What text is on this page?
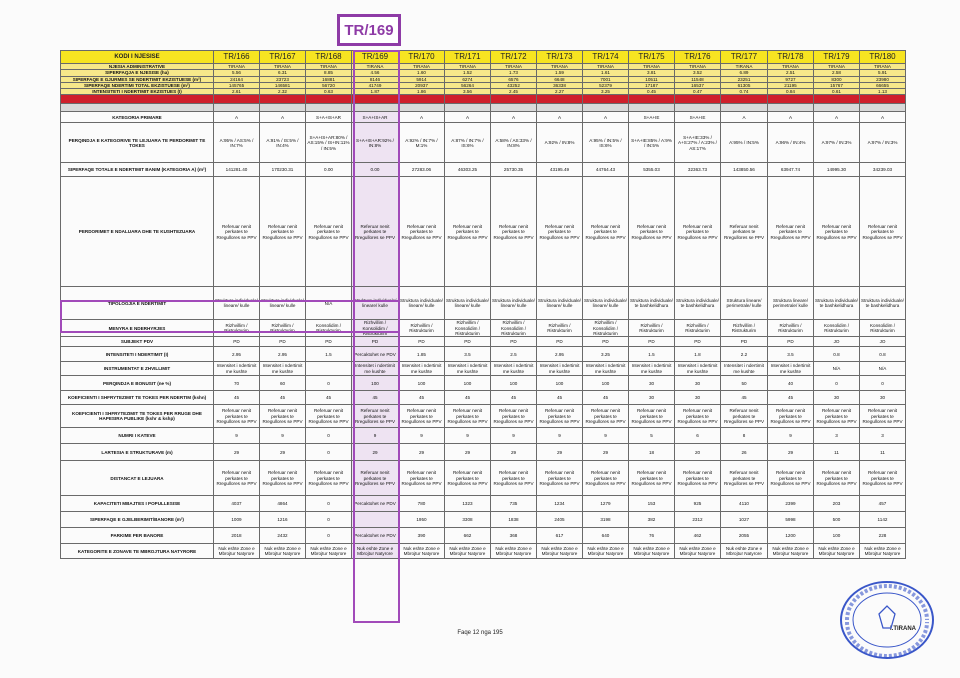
TR/169
KODI I NJESISE	TR/166	TR/167	TR/168	TR/169	TR/170	TR/171	TR/172	TR/173	TR/174	TR/175	TR/176	TR/177	TR/178	TR/179	TR/180
NJESIA ADMINISTRATIVE	TIRANA	TIRANA	TIRANA	TIRANA	TIRANA	TIRANA	TIRANA	TIRANA	TIRANA	TIRANA	TIRANA	TIRANA	TIRANA	TIRANA	TIRANA
SIPERFAQJA E NJESISE (ha)	5.56	6.31	8.85	4.56	1.60	1.52	1.73	1.59	1.61	3.81	3.52	6.89	2.51	2.58	5.91
SIPERFAQE E GJURMES SE NDERTIMIT EKZISTUESE (m²)	24164	23723	16881	8146	5914	6274	6576	6648	7001	10511	11548	23251	9727	8300	23980
SIPERFAQE NDERTIMI TOTAL EKZISTUESE (m²)	145765	146581	56720	41749	20937	56264	43252	36338	52379	17187	16537	61305	21195	15767	66655
INTENSITETI I NDERTIMIT EKZISTUES (I)	2.61	2.32	0.63	1.87	1.86	3.56	2.45	2.27	3.25	0.45	0.47	0.74	0.84	0.61	1.13

KATEGORIA PRIMARE	A	A	S+A+IS+AR	S+A+IS+AR	A	A	A	A	A	S+A+IE	S+A+IE	A	A	A	A
PERQINDJA E KATEGORIVE TE LEJUARA TE PERDORIMIT TE TOKES	A:95% / AS:5% / IN:7%	A:91% / IS:5% / IN:4%	S+A+IS+AR:80% / AS:15% / IS+IN:11% / IN:5%	S+A+IS+AR:92% / IN:8%	A:92% / IN:7% / M:1%	A:87% / IN:7% / IS:6%	A:58% / AS:33% / IN:8%	A:92% / IN:8%	A:95% / IN:5% / IS:6%	S+A+IE:85% / A:9% / IN:5%	S+A+IE:33% / A+S:27% / A:23% / AS:17%	A:95% / IN:5%	A:96% / IN:4%	A:97% / IN:3%	A:97% / IN:3%
SIPERFAQE TOTALE E NDERTIMIT BANIM (KATEGORIA A) (m²)	141281.40	170230.31	0.00	0.00	27283.06	46303.25	25730.35	43195.49	44764.43	5355.03	32363.73	143850.56	63947.74	14995.30	34239.03
PERDORIMET E NDALUARA DHE TE KUSHTEZUARA	Referuar nenit perkates te Rregullores se PPV	Referuar nenit perkates te Rregullores se PPV	Referuar nenit perkates te Rregullores se PPV	Referuar nenit perkates te Rregullores se PPV	Referuar nenit perkates te Rregullores se PPV	Referuar nenit perkates te Rregullores se PPV	Referuar nenit perkates te Rregullores se PPV	Referuar nenit perkates te Rregullores se PPV	Referuar nenit perkates te Rregullores se PPV	Referuar nenit perkates te Rregullores se PPV	Referuar nenit perkates te Rregullores se PPV	Referuar nenit perkates te Rregullores se PPV	Referuar nenit perkates te Rregullores se PPV	Referuar nenit perkates te Rregullores se PPV	Referuar nenit perkates te Rregullores se PPV
TIPOLOGJIA E NDERTIMIT	Struktura individuale/ lineare/ kulle	Struktura individuale/ lineare/ kulle	N/A	Struktura individuale/ lineare/ kulle	Struktura individuale/ lineare/ kulle	Struktura individuale/ lineare/ kulle	Struktura individuale/ lineare/ kulle	Struktura individuale/ lineare/ kulle	Struktura individuale/ lineare/ kulle	Struktura individuale/ te bashkelidhura	Struktura individuale/ te bashkelidhura	Struktura lineare/ perimetrale/ kulle	Struktura lineare/ perimetrale/ kulle	Struktura individuale/ te bashkelidhura	Struktura individuale/ te bashkelidhura
MENYRA E NDERHYRJES	Rizhvillim / Ristrukturim	Rizhvillim / Ristrukturim	Konsolidim / Ristrukturim	Rizhvillim / Konsolidim / Ristrukturim	Rizhvillim / Ristrukturim	Rizhvillim / Konsolidim / Ristrukturim	Rizhvillim / Konsolidim / Ristrukturim	Rizhvillim / Ristrukturim	Rizhvillim / Konsolidim / Ristrukturim	Rizhvillim / Ristrukturim	Rizhvillim / Ristrukturim	Rizhvillim / Ristrukturim	Rizhvillim / Ristrukturim	Konsolidim / Ristrukturim	Konsolidim / Ristrukturim
SUBJEKT PDV	PD	PD	PD	PD	PD	PD	PD	PD	PD	PD	PD	PD	PD	JO	JO
INTENSITETI I NDERTIMIT (I)	2.95	2.95	1.5	Percaktohet ne PDV	1.85	3.5	2.5	2.95	3.25	1.5	1.8	2.2	3.5	0.8	0.8
INSTRUMENTAT E ZHVILLIMIT	Intensitet i ndertimit me kushte	Intensitet i ndertimit me kushte		Intensitet i ndertimit me kushte	Intensitet i ndertimit me kushte	Intensitet i ndertimit me kushte	Intensitet i ndertimit me kushte	Intensitet i ndertimit me kushte	Intensitet i ndertimit me kushte	Intensitet i ndertimit me kushte	Intensitet i ndertimit me kushte	Intensitet i ndertimit me kushte	Intensitet i ndertimit me kushte	N/A	N/A
PERQINDJA E BONUSIT (ne %)	70	60	0	100	100	100	100	100	100	30	30	50	40	0	0
KOEFICIENTI I SHFRYTEZIMIT TE TOKES PER NDERTIM (kshn)	45	45	45	45	45	45	45	45	45	30	30	45	45	30	30
KOEFICIENTI I SHFRYTEZIMIT TE TOKES PER RRUGE DHE HAPESIRA PUBLIKE (kshr & kshp)	Referuar nenit perkates te Rregullores se PPV	Referuar nenit perkates te Rregullores se PPV	Referuar nenit perkates te Rregullores se PPV	Referuar nenit perkates te Rregullores se PPV	Referuar nenit perkates te Rregullores se PPV	Referuar nenit perkates te Rregullores se PPV	Referuar nenit perkates te Rregullores se PPV	Referuar nenit perkates te Rregullores se PPV	Referuar nenit perkates te Rregullores se PPV	Referuar nenit perkates te Rregullores se PPV	Referuar nenit perkates te Rregullores se PPV	Referuar nenit perkates te Rregullores se PPV	Referuar nenit perkates te Rregullores se PPV	Referuar nenit perkates te Rregullores se PPV	Referuar nenit perkates te Rregullores se PPV
NUMRI I KATEVE	9	9	0	9	9	9	9	9	9	5	6	8	9	3	3
LARTESIA E STRUKTURAVE (m)	29	29	0	29	29	29	29	29	29	18	20	26	29	11	11
DISTANCAT E LEJUARA	Referuar nenit perkates te Rregullores se PPV	Referuar nenit perkates te Rregullores se PPV	Referuar nenit perkates te Rregullores se PPV	Referuar nenit perkates te Rregullores se PPV	Referuar nenit perkates te Rregullores se PPV	Referuar nenit perkates te Rregullores se PPV	Referuar nenit perkates te Rregullores se PPV	Referuar nenit perkates te Rregullores se PPV	Referuar nenit perkates te Rregullores se PPV	Referuar nenit perkates te Rregullores se PPV	Referuar nenit perkates te Rregullores se PPV	Referuar nenit perkates te Rregullores se PPV	Referuar nenit perkates te Rregullores se PPV	Referuar nenit perkates te Rregullores se PPV	Referuar nenit perkates te Rregullores se PPV
KAPACITETI MBAJTES I POPULLESISE	4037	4864	0	Percaktohet ne PDV	780	1323	735	1234	1279	153	925	4110	2399	203	457
SIPERFAQE E GJELBERIMIT/BANORE (m²)	1009	1216	0		1950	3308	1838	2405	3198	382	2312	1027	5998	500	1142
PARKIME PER BANORE	2018	2432	0	Percaktohet ne PDV	390	662	368	617	640	76	462	2055	1200	100	228
KATEGORITE E ZONAVE TE MBROJTURA NATYRORE	Nuk eshte Zone e Mbrojtur Natyrore	Nuk eshte Zone e Mbrojtur Natyrore	Nuk eshte Zone e Mbrojtur Natyrore	Nuk eshte Zone e Mbrojtur Natyrore	Nuk eshte Zone e Mbrojtur Natyrore	Nuk eshte Zone e Mbrojtur Natyrore	Nuk eshte Zone e Mbrojtur Natyrore	Nuk eshte Zone e Mbrojtur Natyrore	Nuk eshte Zone e Mbrojtur Natyrore	Nuk eshte Zone e Mbrojtur Natyrore	Nuk eshte Zone e Mbrojtur Natyrore	Nuk eshte Zone e Mbrojtur Natyrore	Nuk eshte Zone e Mbrojtur Natyrore	Nuk eshte Zone e Mbrojtur Natyrore	Nuk eshte Zone e Mbrojtur Natyrore
Faqe 12 nga 195
I.TIRANA
